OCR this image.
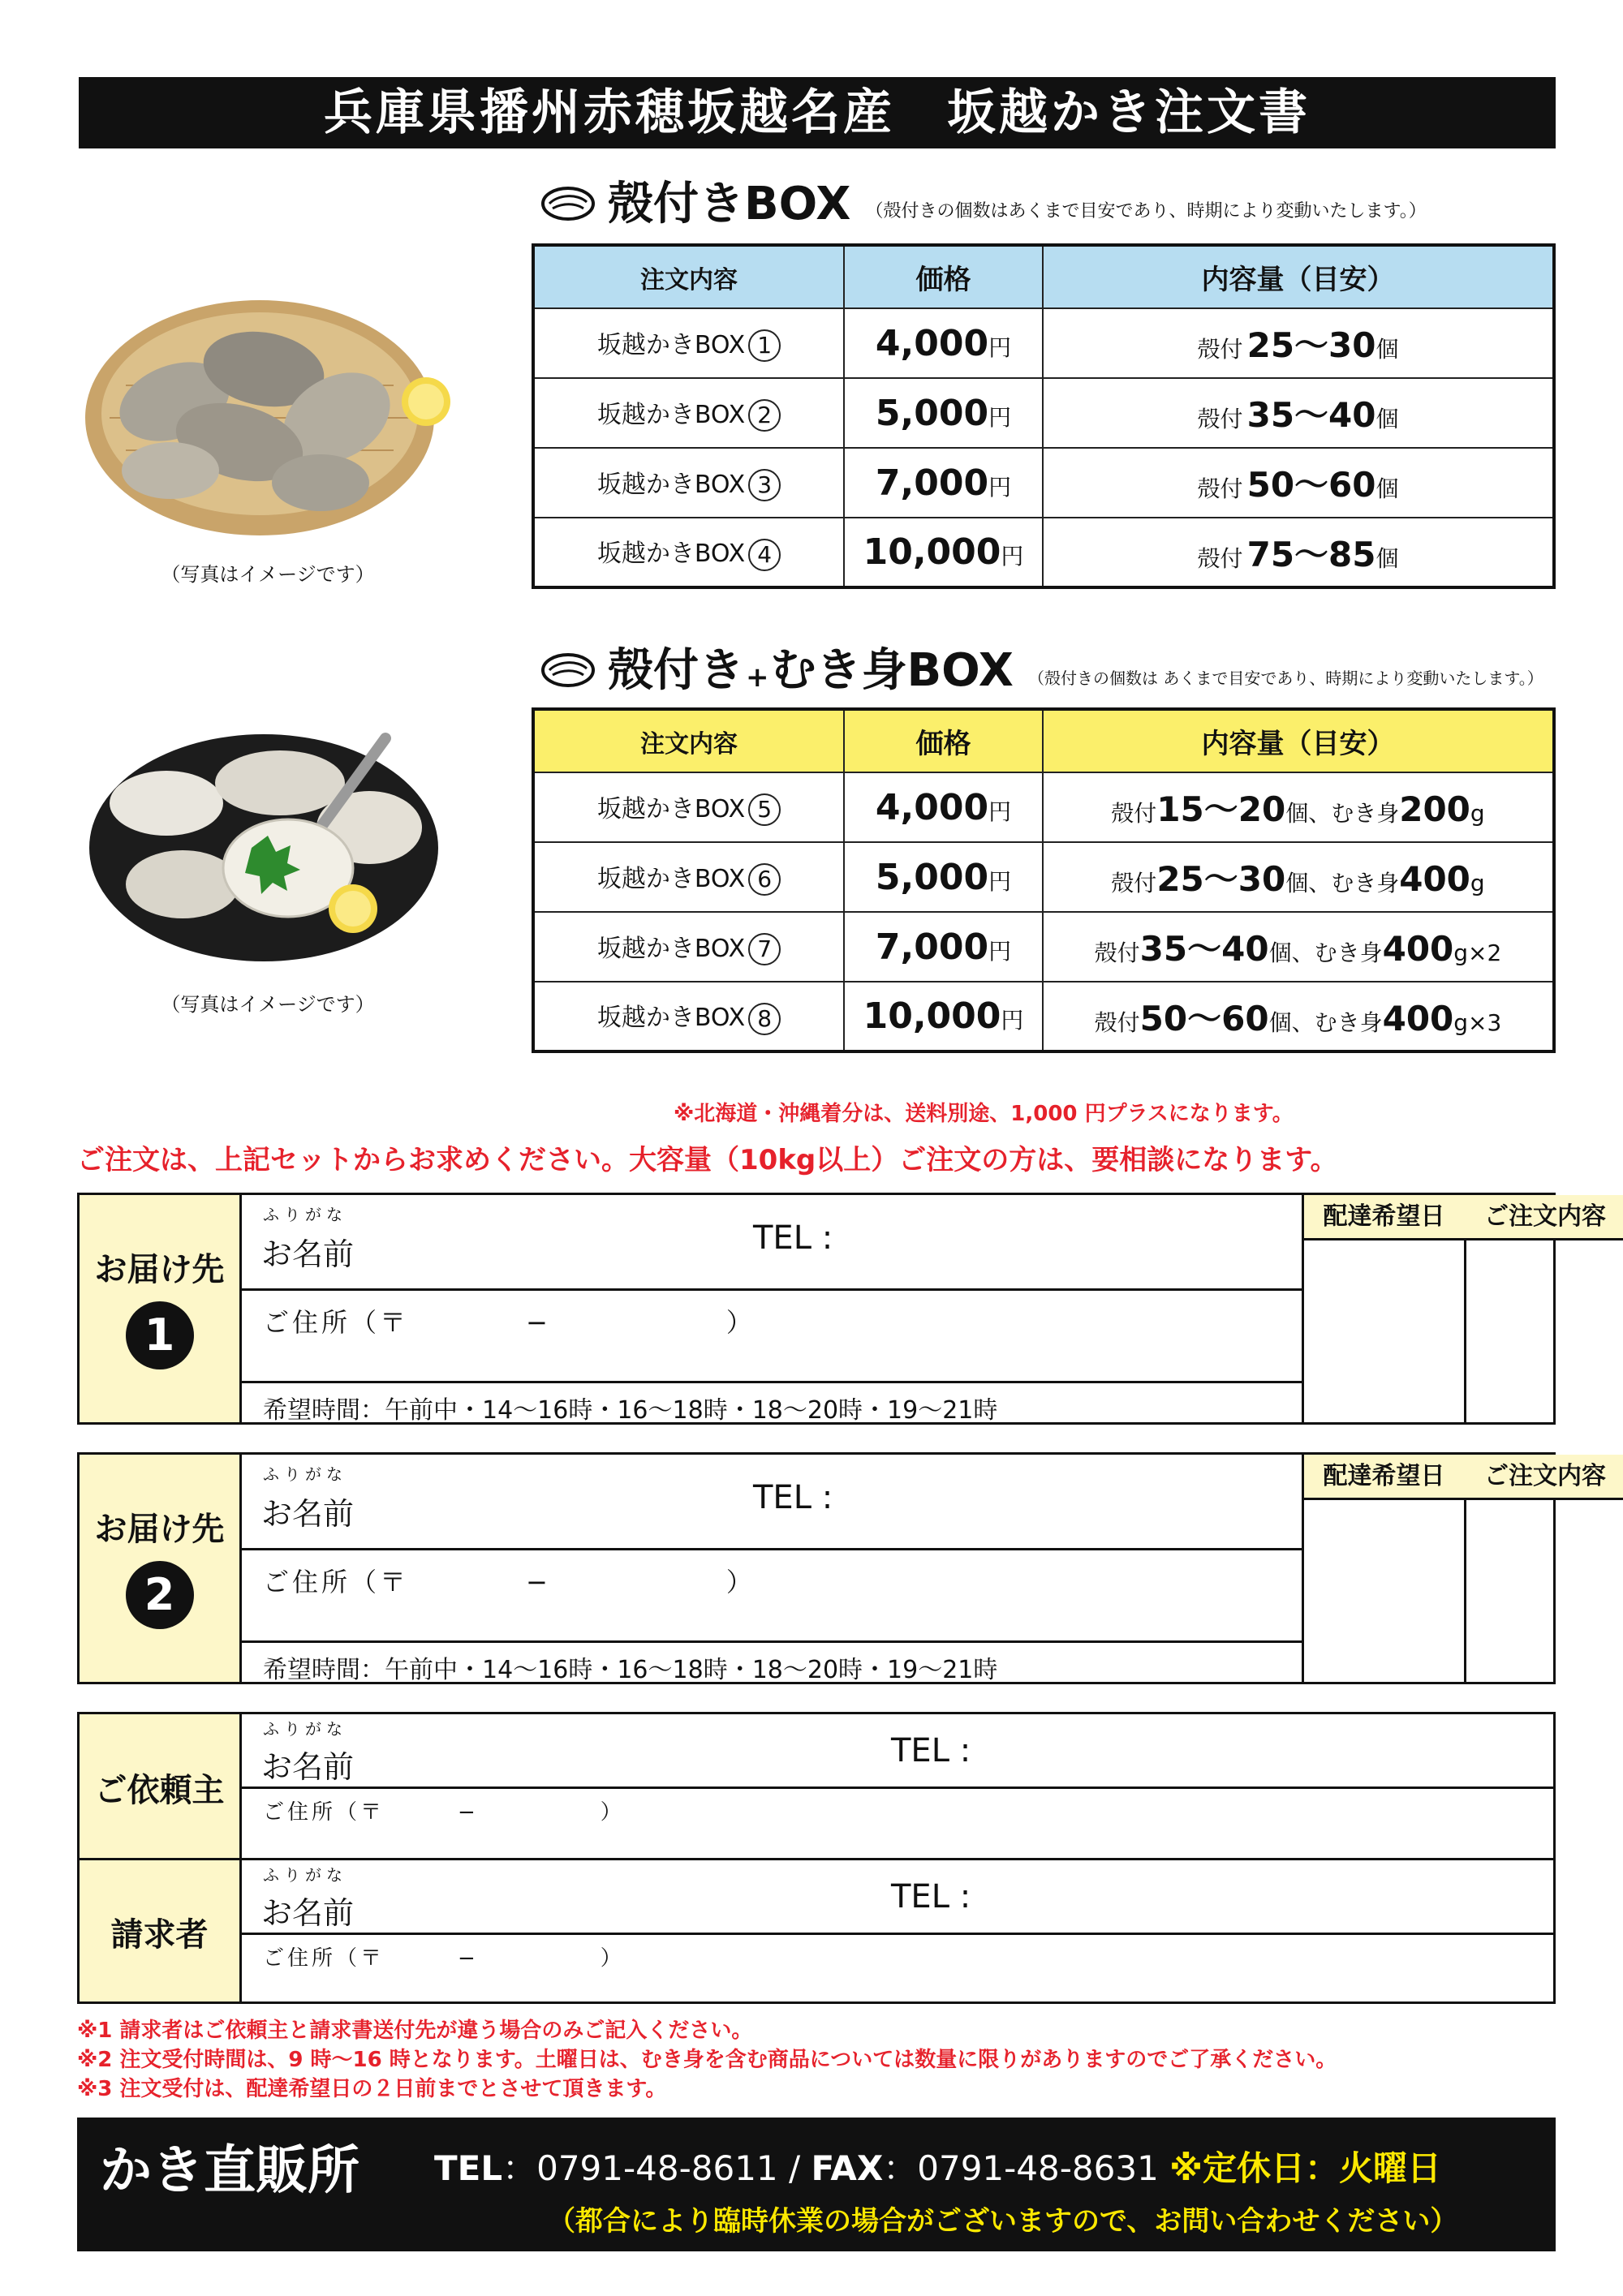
兵庫県播州赤穂坂越名産　坂越かき注文書
殻付きBOX （殻付きの個数はあくまで目安であり、時期により変動いたします。）
注文内容	価格	内容量（目安）
坂越かきBOX 1	4,000円	殻付 25〜30個
坂越かきBOX 2	5,000円	殻付 35〜40個
坂越かきBOX 3	7,000円	殻付 50〜60個
坂越かきBOX 4	10,000円	殻付 75〜85個
（写真はイメージです）
殻付き + むき身BOX （殻付きの個数は あくまで目安であり、時期により変動いたします。）
注文内容	価格	内容量（目安）
坂越かきBOX 5	4,000円	殻付15〜20個、むき身200g
坂越かきBOX 6	5,000円	殻付25〜30個、むき身400g
坂越かきBOX 7	7,000円	殻付35〜40個、むき身400g×2
坂越かきBOX 8	10,000円	殻付50〜60個、むき身400g×3
（写真はイメージです）
※北海道・沖縄着分は、送料別途、1,000 円プラスになります。
ご注文は、上記セットからお求めください。大容量（10kg以上）ご注文の方は、要相談になります。
お届け先
1
ふりがな
お名前	TEL :
ご住所（〒　　　　−　　　　　　）
希望時間：午前中・14〜16時・16〜18時・18〜20時・19〜21時
配達希望日	ご注文内容
お届け先
2
ふりがな
お名前	TEL :
ご住所（〒　　　　−　　　　　　）
希望時間：午前中・14〜16時・16〜18時・18〜20時・19〜21時
配達希望日	ご注文内容
ご依頼主
請求者
ふりがな
お名前	TEL :
ご住所（〒　　　−　　　　　）
ふりがな
お名前	TEL :
ご住所（〒　　　−　　　　　）
※1 請求者はご依頼主と請求書送付先が違う場合のみご記入ください。
※2 注文受付時間は、9 時〜16 時となります。土曜日は、むき身を含む商品については数量に限りがありますのでご了承ください。
※3 注文受付は、配達希望日の２日前までとさせて頂きます。
かき直販所 TEL：0791-48-8611 / FAX：0791-48-8631 ※定休日：火曜日
（都合により臨時休業の場合がございますので、お問い合わせください）
